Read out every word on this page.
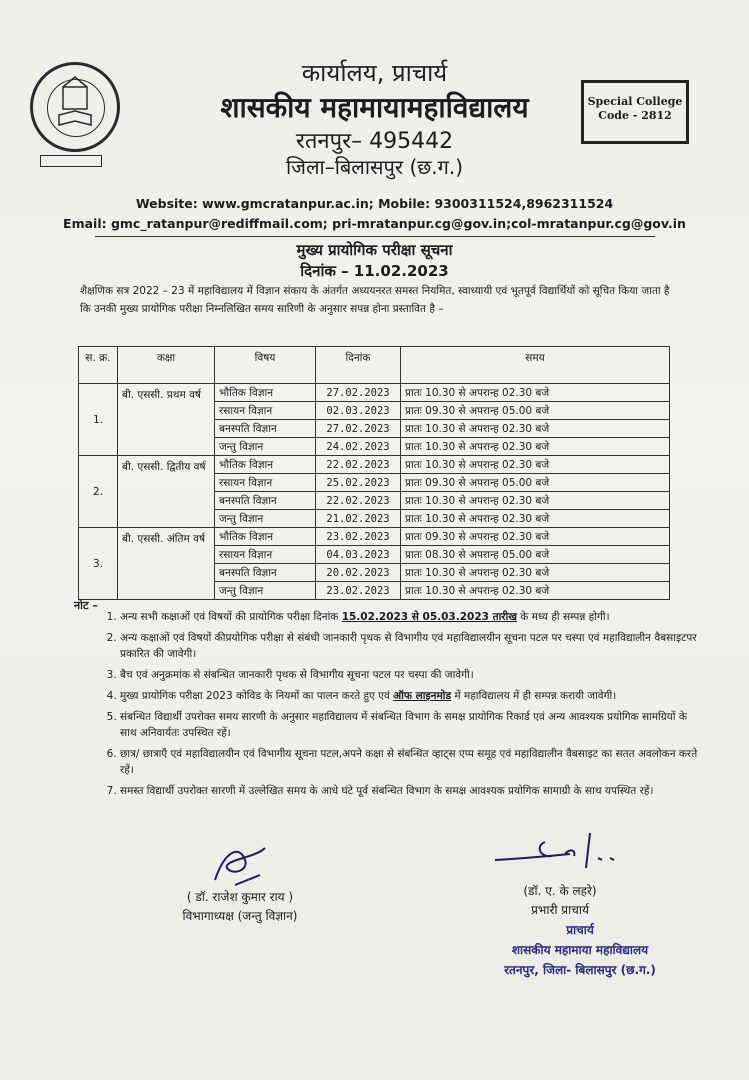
कार्यालय, प्राचार्य
शासकीय महामायामहाविद्यालय
रतनपुर– 495442
जिला–बिलासपुर (छ.ग.)
Special College
Code - 2812
Website: www.gmcratanpur.ac.in; Mobile: 9300311524,8962311524
Email: gmc_ratanpur@rediffmail.com; pri-mratanpur.cg@gov.in;col-mratanpur.cg@gov.in
मुख्य प्रायोगिक परीक्षा सूचना
दिनांक – 11.02.2023
शैक्षणिक सत्र 2022 – 23 में महाविद्यालय में विज्ञान संकाय के अंतर्गत अध्ययनरत समस्त नियमित, स्वाध्यायी एवं भूतपूर्व विद्यार्थियों को सूचित किया जाता है कि उनकी मुख्य प्रायोगिक परीक्षा निम्नलिखित समय सारिणी के अनुसार सपन्न होना प्रस्तावित है –
स. क्र.	कक्षा	विषय	दिनांक	समय
1.	बी. एससी. प्रथम वर्ष	भौतिक विज्ञान	27.02.2023	प्रातः 10.30 से अपरान्ह 02.30 बजे
		रसायन विज्ञान	02.03.2023	प्रातः 09.30 से अपरान्ह 05.00 बजे
		बनस्पति विज्ञान	27.02.2023	प्रातः 10.30 से अपरान्ह 02.30 बजे
		जन्तु विज्ञान	24.02.2023	प्रातः 10.30 से अपरान्ह 02.30 बजे
2.	बी. एससी. द्वितीय वर्ष	भौतिक विज्ञान	22.02.2023	प्रातः 10.30 से अपरान्ह 02.30 बजे
		रसायन विज्ञान	25.02.2023	प्रातः 09.30 से अपरान्ह 05.00 बजे
		बनस्पति विज्ञान	22.02.2023	प्रातः 10.30 से अपरान्ह 02.30 बजे
		जन्तु विज्ञान	21.02.2023	प्रातः 10.30 से अपरान्ह 02.30 बजे
3.	बी. एससी. अंतिम वर्ष	भौतिक विज्ञान	23.02.2023	प्रातः 09.30 से अपरान्ह 02.30 बजे
		रसायन विज्ञान	04.03.2023	प्रातः 08.30 से अपरान्ह 05.00 बजे
		बनस्पति विज्ञान	20.02.2023	प्रातः 10.30 से अपरान्ह 02.30 बजे
		जन्तु विज्ञान	23.02.2023	प्रातः 10.30 से अपरान्ह 02.30 बजे
नोट –
1. अन्य सभी कक्षाओं एवं विषयों की प्रायोगिक परीक्षा दिनांक 15.02.2023 से 05.03.2023 तारीख के मध्य ही सम्पन्न होगी।
2. अन्य कक्षाओं एवं विषयों कीप्रयोगिक परीक्षा से संबंधी जानकारी पृथक से विभागीय एवं महाविद्यालयीन सूचना पटल पर चस्पा एवं महाविद्यालीन वैबसाइटपर प्रकारित की जावेगी।
3. बैच एवं अनुक्रमांक से संबन्धित जानकारी पृथक से विभागीय सूचना पटल पर चस्पा की जावेगी।
4. मुख्य प्रायोगिक परीक्षा 2023 कोविड के नियमों का पालन करते हुए एवं ऑफ लाइनमोड में महाविद्यालय में ही सम्पन्न करायी जावेगी।
5. संबन्धित विद्यार्थी उपरोक्त समय सारणी के अनुसार महाविद्यालय में संबन्धित विभाग के समक्ष प्रायोगिक रिकार्ड एवं अन्य आवश्यक प्रयोगिक सामग्रियों के साथ अनिवार्यतः उपस्थित रहें।
6. छात्र/ छात्राएँ एवं महाविद्यालयीन एवं विभागीय सूचना पटल,अपने कक्षा से संबन्धित व्हाट्स एप्प समूह एवं महाविद्यालीन वैबसाइट का सतत अवलोकन करते रहें।
7. समस्त विद्यार्थी उपरोक्त सारणी में उल्लेखित समय के आधे घंटे पूर्व संबन्धित विभाग के समक्ष आवश्यक प्रयोगिक सामाग्री के साथ यपस्थित रहें।
( डॉ. राजेश कुमार राय )
विभागाध्यक्ष (जन्तु विज्ञान)
(डॉ. ए. के लहरे)
प्रभारी प्राचार्य
प्राचार्य
शासकीय महामाया महाविद्यालय
रतनपुर, जिला- बिलासपुर (छ.ग.)
